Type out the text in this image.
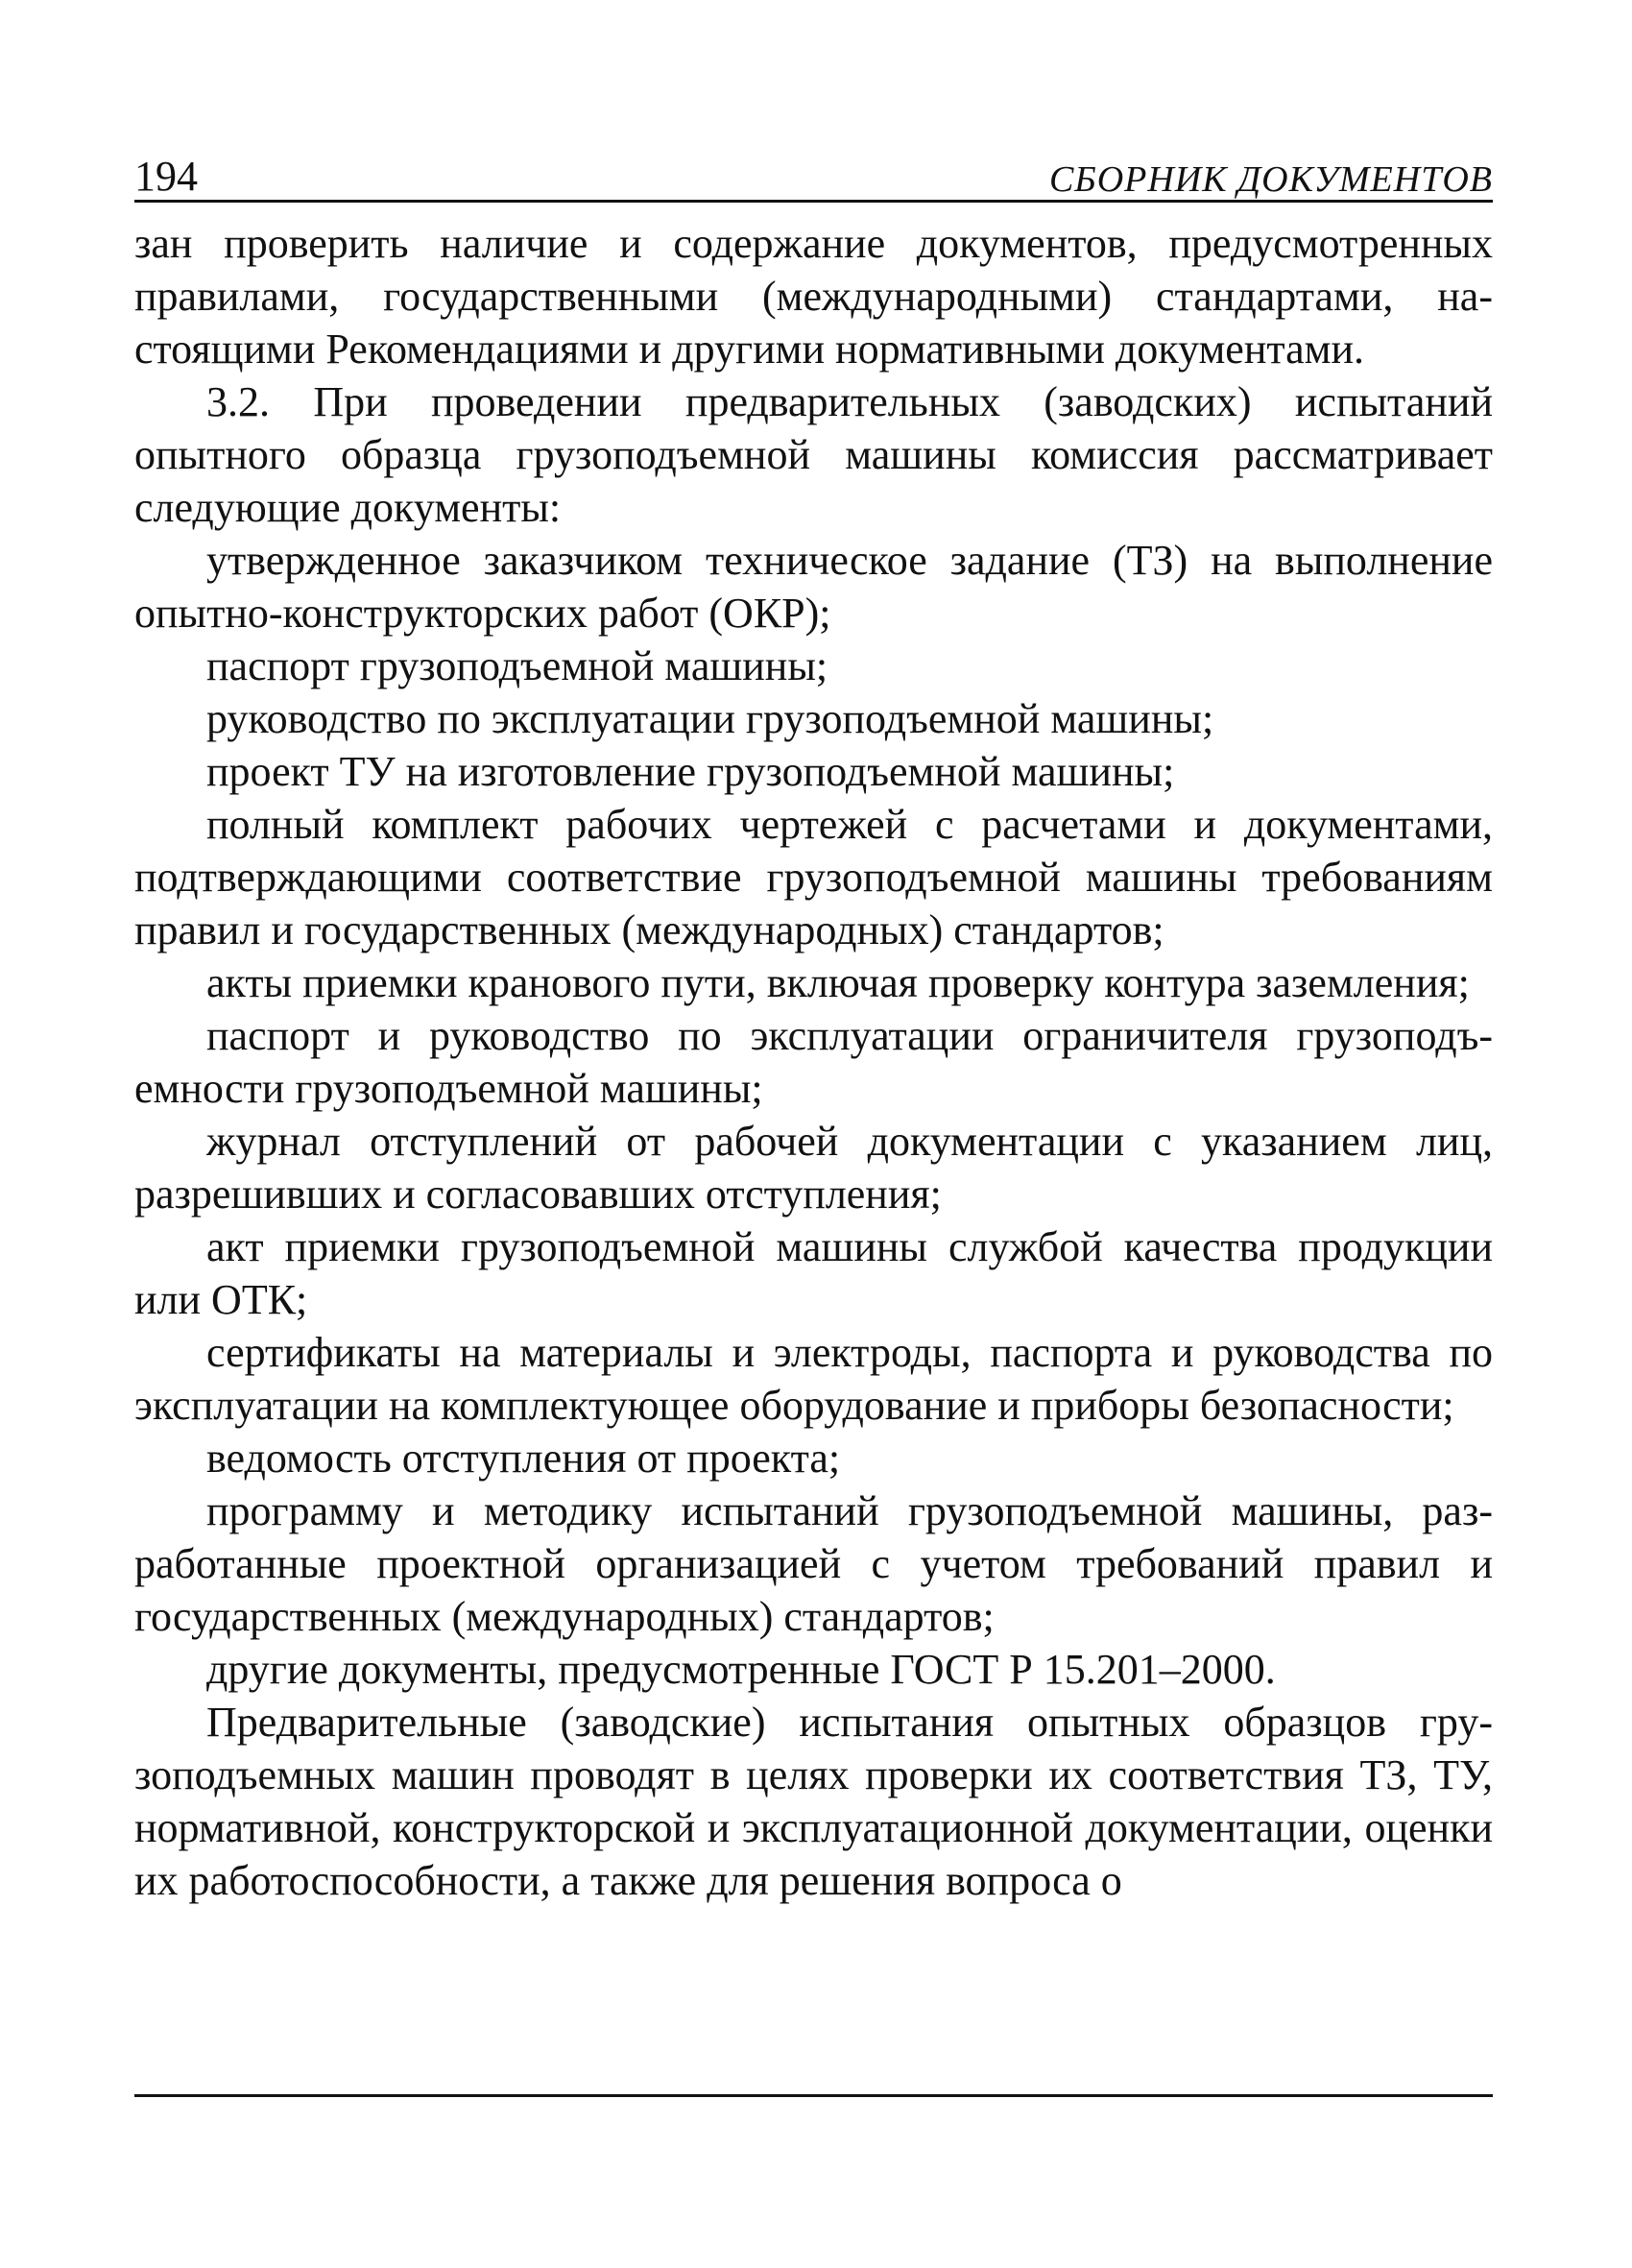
194	СБОРНИК ДОКУМЕНТОВ

зан проверить наличие и содержание документов, предусмотренных правилами, государственными (международными) стандартами, настоящими Рекомендациями и другими нормативными документами.

3.2. При проведении предварительных (заводских) испытаний опытного образца грузоподъемной машины комиссия рассматривает следующие документы:

утвержденное заказчиком техническое задание (ТЗ) на выполнение опытно-конструкторских работ (ОКР);

паспорт грузоподъемной машины;

руководство по эксплуатации грузоподъемной машины;

проект ТУ на изготовление грузоподъемной машины;

полный комплект рабочих чертежей с расчетами и документами, подтверждающими соответствие грузоподъемной машины требованиям правил и государственных (международных) стандартов;

акты приемки кранового пути, включая проверку контура заземления;

паспорт и руководство по эксплуатации ограничителя грузоподъемности грузоподъемной машины;

журнал отступлений от рабочей документации с указанием лиц, разрешивших и согласовавших отступления;

акт приемки грузоподъемной машины службой качества продукции или ОТК;

сертификаты на материалы и электроды, паспорта и руководства по эксплуатации на комплектующее оборудование и приборы безопасности;

ведомость отступления от проекта;

программу и методику испытаний грузоподъемной машины, разработанные проектной организацией с учетом требований правил и государственных (международных) стандартов;

другие документы, предусмотренные ГОСТ Р 15.201–2000.

Предварительные (заводские) испытания опытных образцов грузоподъемных машин проводят в целях проверки их соответствия ТЗ, ТУ, нормативной, конструкторской и эксплуатационной документации, оценки их работоспособности, а также для решения вопроса о
